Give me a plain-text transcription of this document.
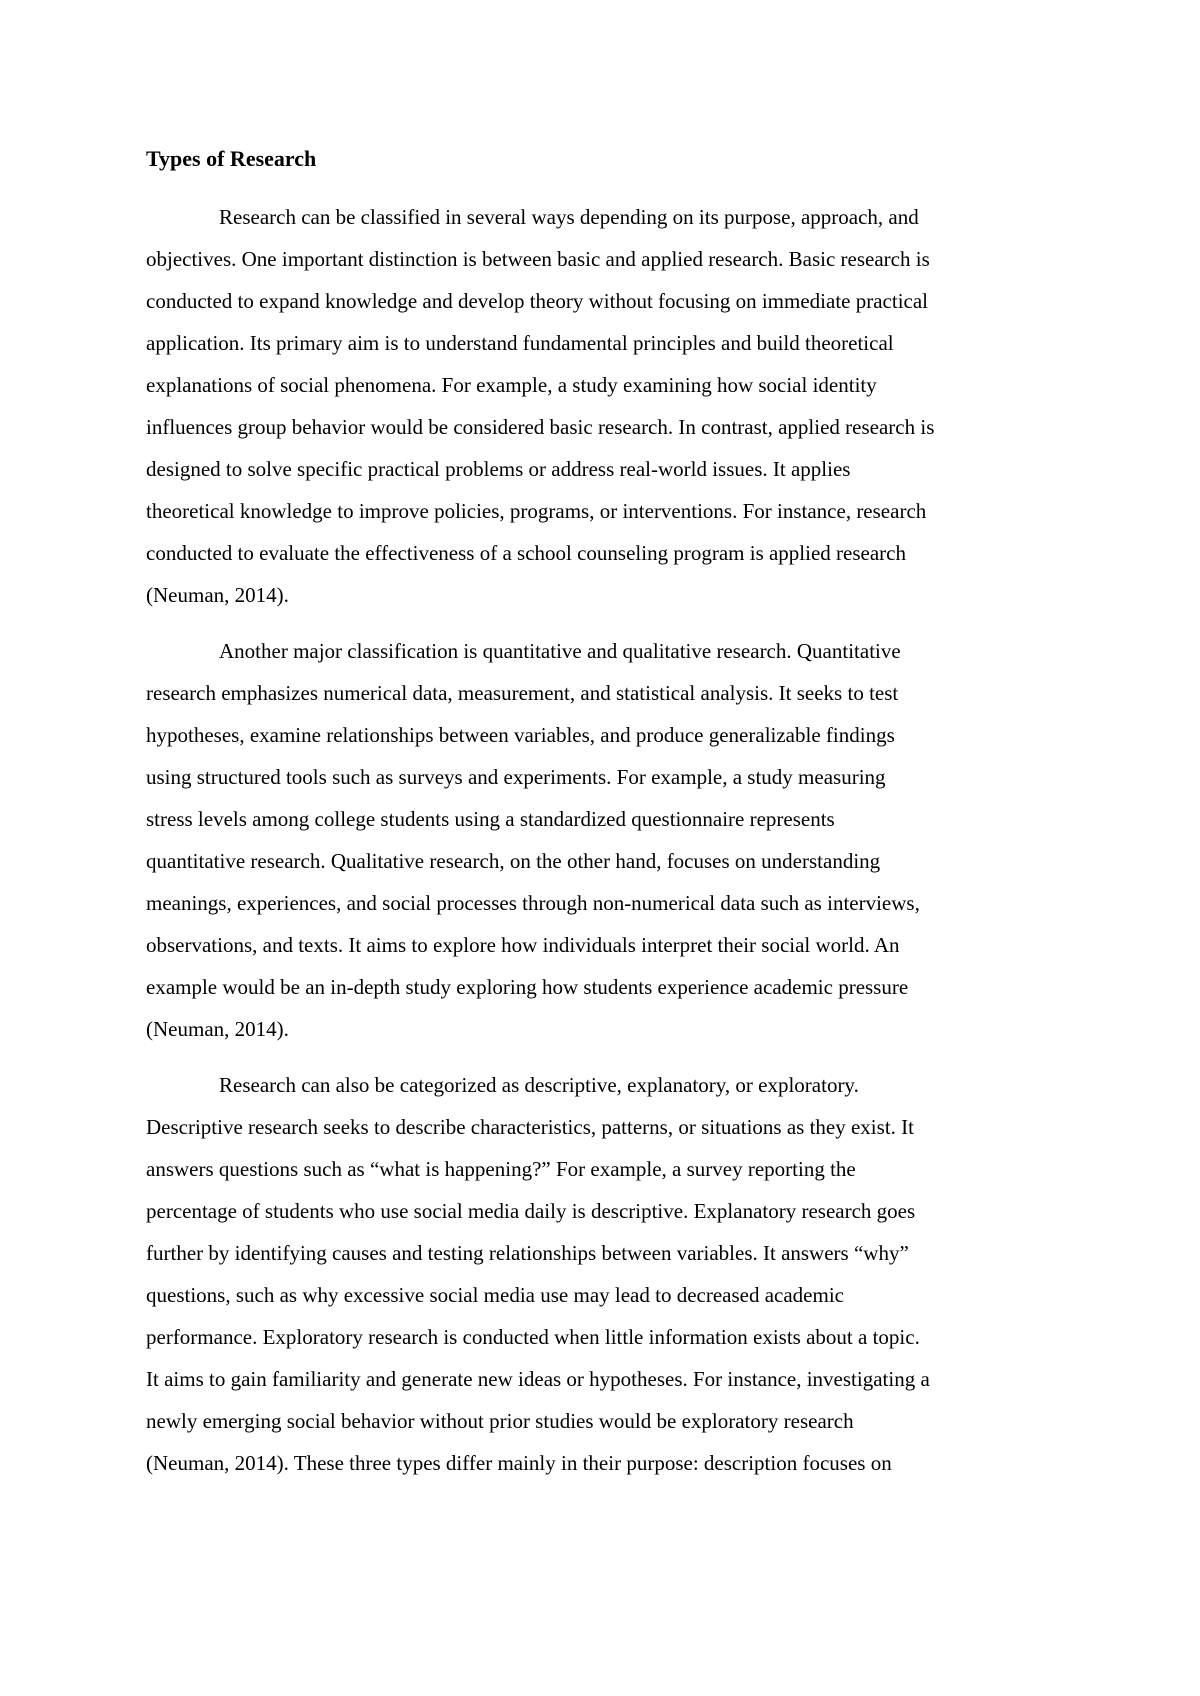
Types of Research
Research can be classified in several ways depending on its purpose, approach, and
objectives. One important distinction is between basic and applied research. Basic research is
conducted to expand knowledge and develop theory without focusing on immediate practical
application. Its primary aim is to understand fundamental principles and build theoretical
explanations of social phenomena. For example, a study examining how social identity
influences group behavior would be considered basic research. In contrast, applied research is
designed to solve specific practical problems or address real-world issues. It applies
theoretical knowledge to improve policies, programs, or interventions. For instance, research
conducted to evaluate the effectiveness of a school counseling program is applied research
(Neuman, 2014).
Another major classification is quantitative and qualitative research. Quantitative
research emphasizes numerical data, measurement, and statistical analysis. It seeks to test
hypotheses, examine relationships between variables, and produce generalizable findings
using structured tools such as surveys and experiments. For example, a study measuring
stress levels among college students using a standardized questionnaire represents
quantitative research. Qualitative research, on the other hand, focuses on understanding
meanings, experiences, and social processes through non-numerical data such as interviews,
observations, and texts. It aims to explore how individuals interpret their social world. An
example would be an in-depth study exploring how students experience academic pressure
(Neuman, 2014).
Research can also be categorized as descriptive, explanatory, or exploratory.
Descriptive research seeks to describe characteristics, patterns, or situations as they exist. It
answers questions such as “what is happening?” For example, a survey reporting the
percentage of students who use social media daily is descriptive. Explanatory research goes
further by identifying causes and testing relationships between variables. It answers “why”
questions, such as why excessive social media use may lead to decreased academic
performance. Exploratory research is conducted when little information exists about a topic.
It aims to gain familiarity and generate new ideas or hypotheses. For instance, investigating a
newly emerging social behavior without prior studies would be exploratory research
(Neuman, 2014). These three types differ mainly in their purpose: description focuses on
